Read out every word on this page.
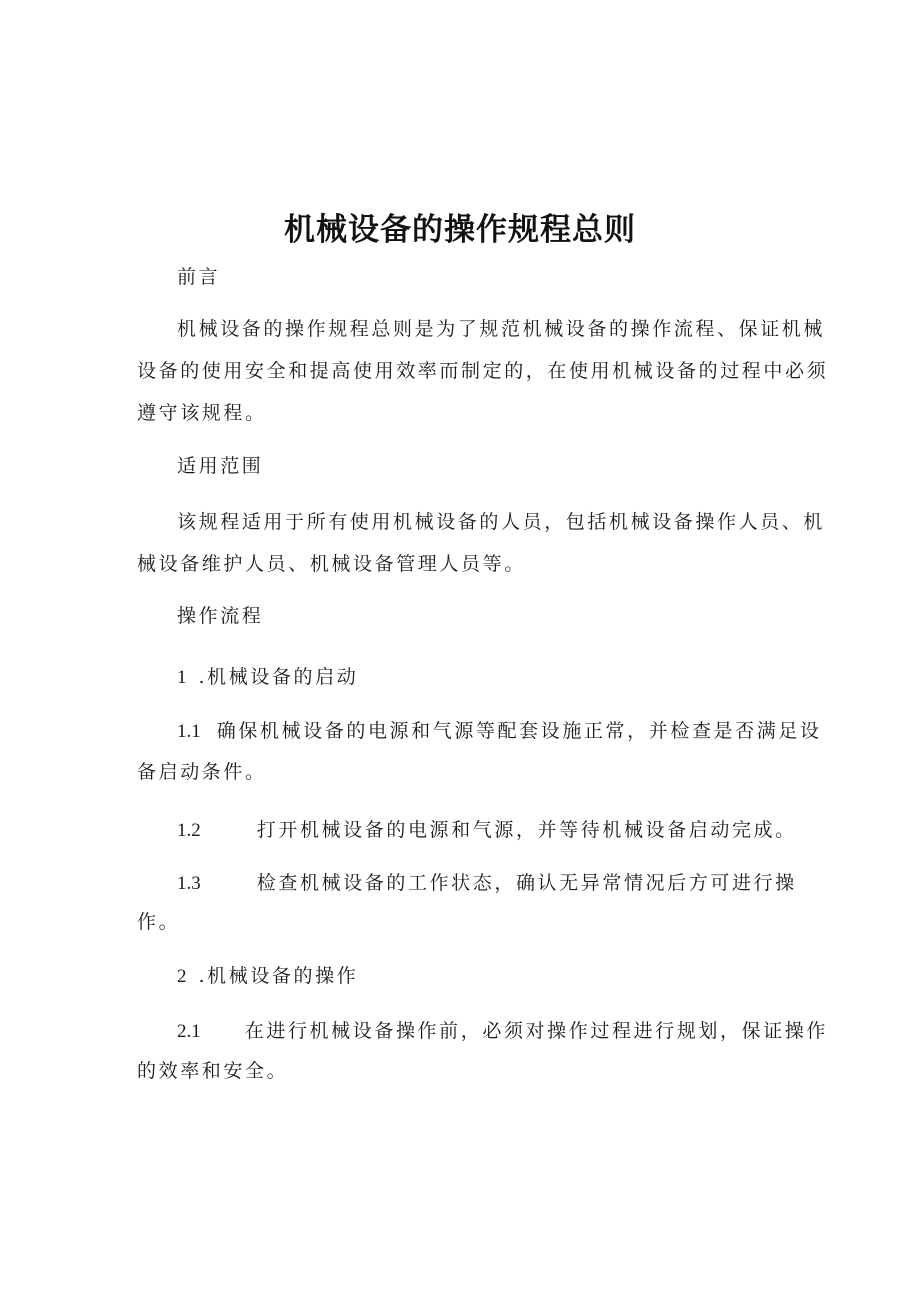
机械设备的操作规程总则
前言
机械设备的操作规程总则是为了规范机械设备的操作流程、保证机械
设备的使用安全和提高使用效率而制定的，在使用机械设备的过程中必须
遵守该规程。
适用范围
该规程适用于所有使用机械设备的人员，包括机械设备操作人员、机
械设备维护人员、机械设备管理人员等。
操作流程
1 .机械设备的启动
1.1 确保机械设备的电源和气源等配套设施正常，并检查是否满足设
备启动条件。
1.2	打开机械设备的电源和气源，并等待机械设备启动完成。
1.3	检查机械设备的工作状态，确认无异常情况后方可进行操
作。
2 .机械设备的操作
2.1 在进行机械设备操作前，必须对操作过程进行规划，保证操作
的效率和安全。
